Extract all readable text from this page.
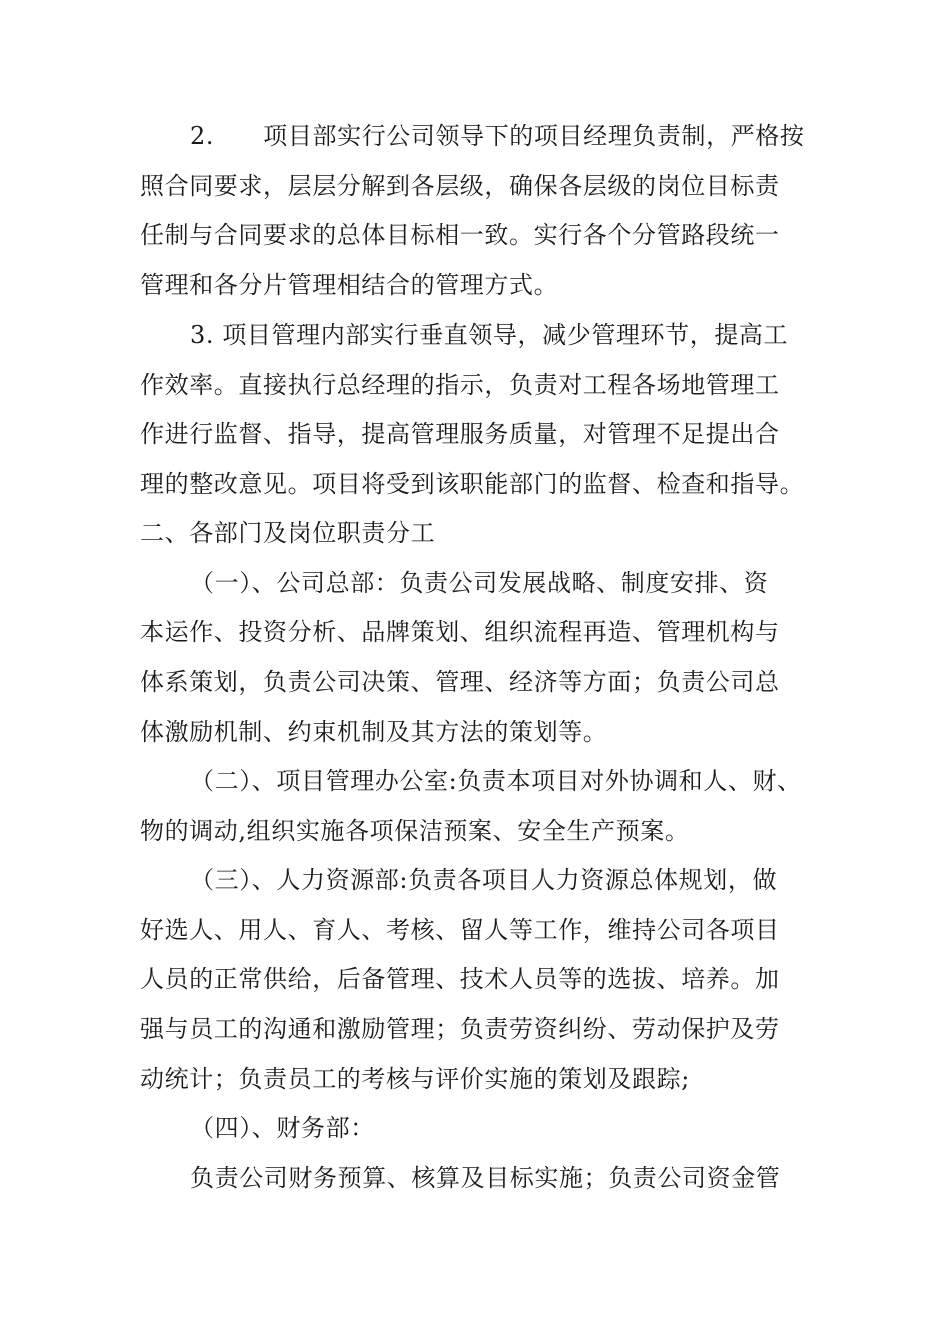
2.　　项目部实行公司领导下的项目经理负责制，严格按
照合同要求，层层分解到各层级，确保各层级的岗位目标责
任制与合同要求的总体目标相一致。实行各个分管路段统一
管理和各分片管理相结合的管理方式。
3. 项目管理内部实行垂直领导，减少管理环节，提高工
作效率。直接执行总经理的指示，负责对工程各场地管理工
作进行监督、指导，提高管理服务质量，对管理不足提出合
理的整改意见。项目将受到该职能部门的监督、检查和指导。
二、各部门及岗位职责分工
（一）、公司总部：负责公司发展战略、制度安排、资
本运作、投资分析、品牌策划、组织流程再造、管理机构与
体系策划，负责公司决策、管理、经济等方面；负责公司总
体激励机制、约束机制及其方法的策划等。
（二）、项目管理办公室:负责本项目对外协调和人、财、
物的调动,组织实施各项保洁预案、安全生产预案。
（三）、人力资源部:负责各项目人力资源总体规划，做
好选人、用人、育人、考核、留人等工作，维持公司各项目
人员的正常供给，后备管理、技术人员等的选拔、培养。加
强与员工的沟通和激励管理；负责劳资纠纷、劳动保护及劳
动统计；负责员工的考核与评价实施的策划及跟踪;
（四）、财务部：
负责公司财务预算、核算及目标实施；负责公司资金管
